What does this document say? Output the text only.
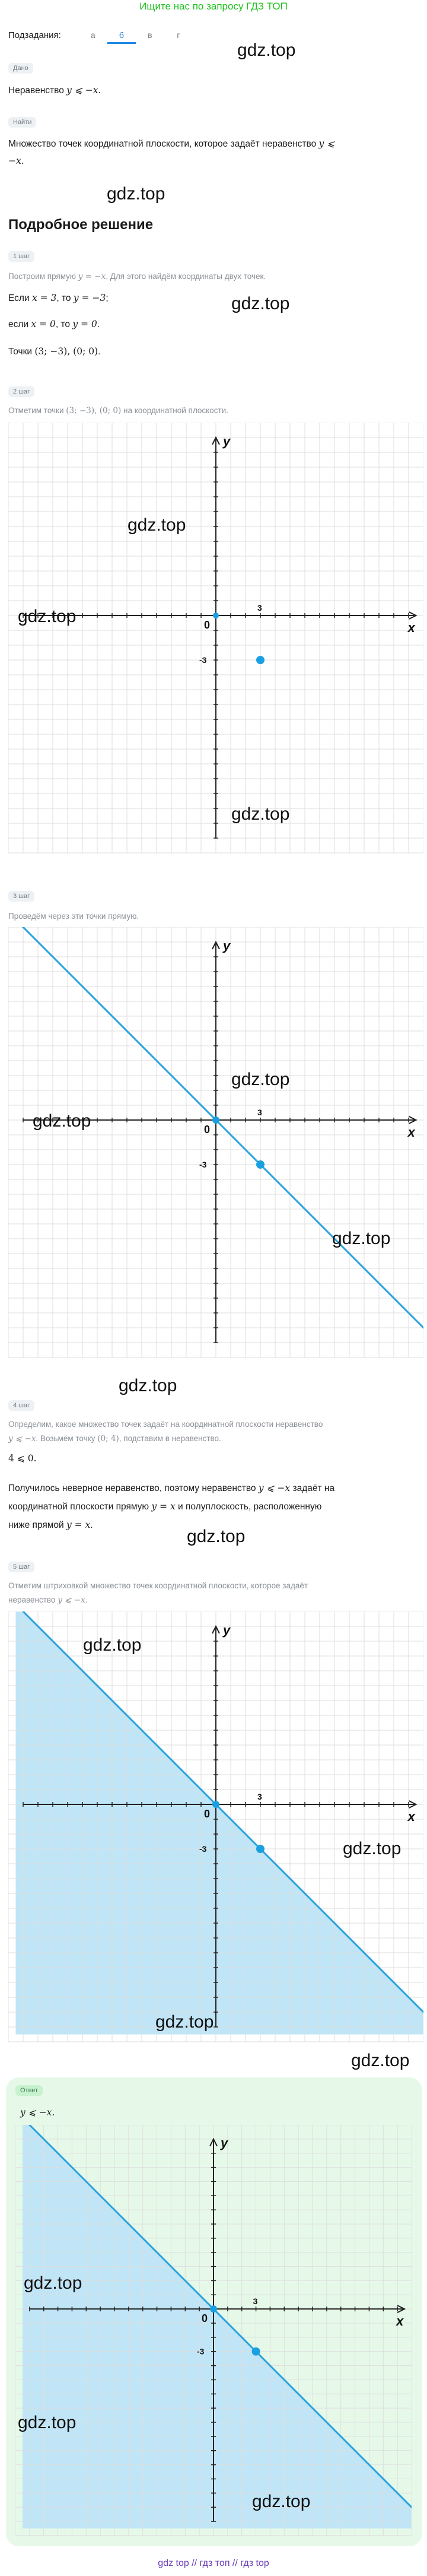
Ищите нас по запросу ГДЗ ТОП
Подзадания:	а	б	в	г
gdz.top
Дано
Неравенство y ⩽ −x.
Найти
Множество точек координатной плоскости, которое задаёт неравенство y ⩽
−x.
gdz.top
Подробное решение
1 шаг
Построим прямую y = −x. Для этого найдём координаты двух точек.
Если x = 3, то y = −3;
если x = 0, то y = 0.
Точки (3; −3), (0; 0).
gdz.top
2 шаг
Отметим точки (3; −3), (0; 0) на координатной плоскости.
x
y
0
3
-3
gdz.top
gdz.top
gdz.top
3 шаг
Проведём через эти точки прямую.
x
y
0
3
-3
gdz.top
gdz.top
gdz.top
gdz.top
4 шаг
Определим, какое множество точек задаёт на координатной плоскости неравенство
y ⩽ −x. Возьмём точку (0; 4), подставим в неравенство.
4 ⩽ 0.
Получилось неверное неравенство, поэтому неравенство y ⩽ −x задаёт на
координатной плоскости прямую y = x и полуплоскость, расположенную
ниже прямой y = x.
gdz.top
5 шаг
Отметим штриховкой множество точек координатной плоскости, которое задаёт
неравенство y ⩽ −x.
x
y
0
3
-3
gdz.top
gdz.top
gdz.top
gdz.top
Ответ
y ⩽ −x.
x
y
0
3
-3
gdz.top
gdz.top
gdz.top
gdz top // гдз топ // гдз top
